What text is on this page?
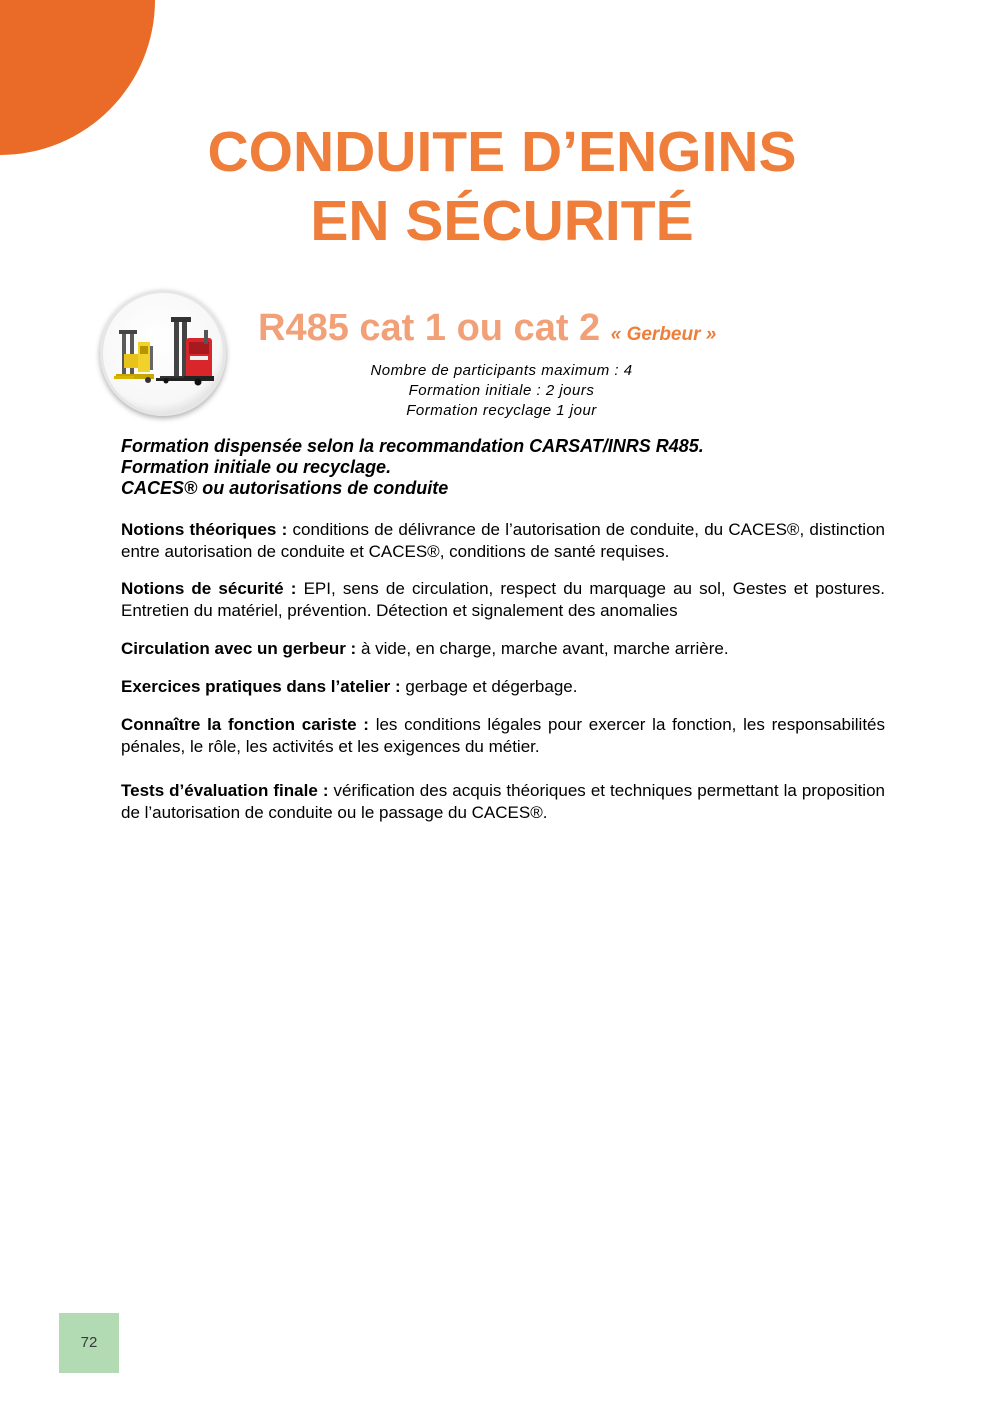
CONDUITE D’ENGINS
EN SÉCURITÉ
R485 cat 1 ou cat 2 « Gerbeur »
Nombre de participants maximum : 4
Formation initiale : 2 jours
Formation recyclage 1 jour
Formation dispensée selon la recommandation CARSAT/INRS R485.
Formation initiale ou recyclage.
CACES® ou autorisations de conduite

Notions théoriques : conditions de délivrance de l’autorisation de conduite, du CACES®, distinction entre autorisation de conduite et CACES®, conditions de santé requises.

Notions de sécurité : EPI, sens de circulation, respect du marquage au sol, Gestes et postures. Entretien du matériel, prévention. Détection et signalement des anomalies

Circulation avec un gerbeur : à vide, en charge, marche avant, marche arrière.

Exercices pratiques dans l’atelier : gerbage et dégerbage.

Connaître la fonction cariste : les conditions légales pour exercer la fonction, les responsabilités pénales, le rôle, les activités et les exigences du métier.

Tests d’évaluation finale : vérification des acquis théoriques et techniques permettant la proposition de l’autorisation de conduite ou le passage du CACES®.

72
